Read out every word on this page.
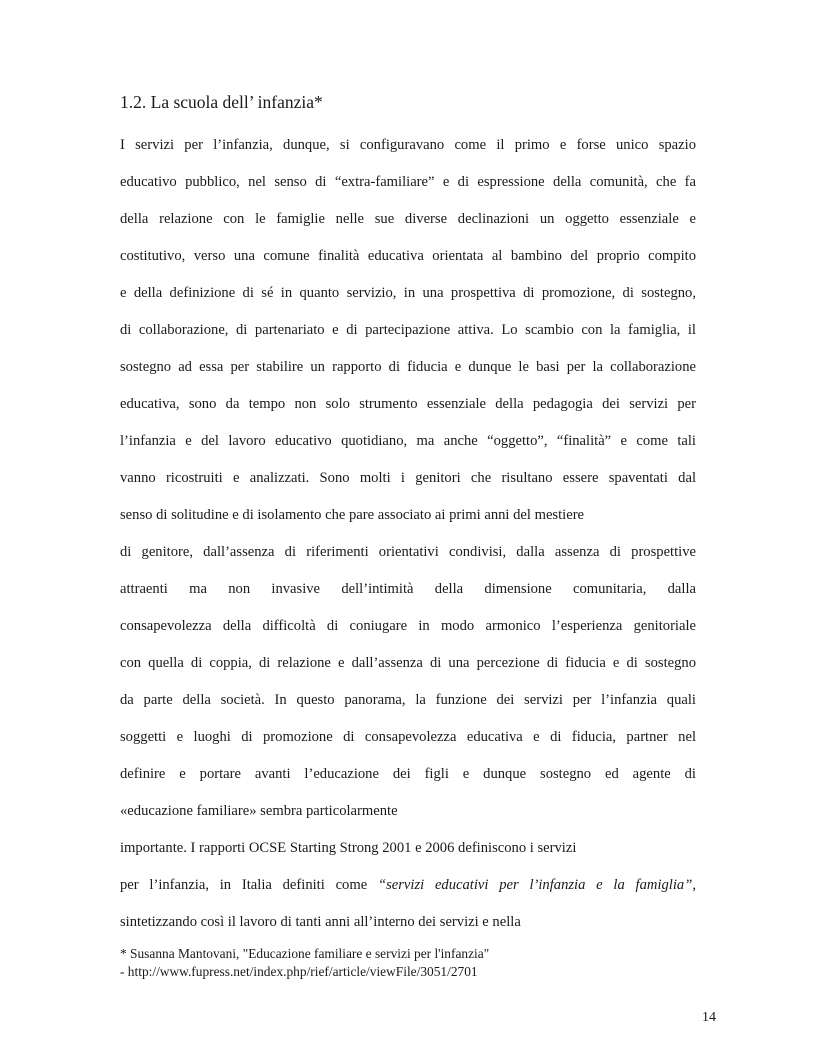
1.2. La scuola dell’ infanzia*
I servizi per l’infanzia, dunque, si configuravano come il primo e forse unico spazio
educativo pubblico, nel senso di “extra-familiare” e di espressione della comunità, che fa
della relazione con le famiglie nelle sue diverse declinazioni un oggetto essenziale e
costitutivo, verso una comune finalità educativa orientata al bambino del proprio compito
e della definizione di sé in quanto servizio, in una prospettiva di promozione, di sostegno,
di collaborazione, di partenariato e di partecipazione attiva. Lo scambio con la famiglia, il
sostegno ad essa per stabilire un rapporto di fiducia e dunque le basi per la collaborazione
educativa, sono da tempo non solo strumento essenziale della pedagogia dei servizi per
l’infanzia e del lavoro educativo quotidiano, ma anche “oggetto”, “finalità” e come tali
vanno ricostruiti e analizzati. Sono molti i genitori che risultano essere spaventati dal
senso di solitudine e di isolamento che pare associato ai primi anni del mestiere
di genitore, dall’assenza di riferimenti orientativi condivisi, dalla assenza di prospettive
attraenti ma non invasive dell’intimità della dimensione comunitaria, dalla
consapevolezza della difficoltà di coniugare in modo armonico l’esperienza genitoriale
con quella di coppia, di relazione e dall’assenza di una percezione di fiducia e di sostegno
da parte della società. In questo panorama, la funzione dei servizi per l’infanzia quali
soggetti e luoghi di promozione di consapevolezza educativa e di fiducia, partner nel
definire e portare avanti l’educazione dei figli e dunque sostegno ed agente di
«educazione familiare» sembra particolarmente
importante. I rapporti OCSE Starting Strong 2001 e 2006 definiscono i servizi
per l’infanzia, in Italia definiti come “servizi educativi per l’infanzia e la famiglia”,
sintetizzando così il lavoro di tanti anni all’interno dei servizi e nella
* Susanna Mantovani, "Educazione familiare e servizi per l'infanzia"
- http://www.fupress.net/index.php/rief/article/viewFile/3051/2701
14
